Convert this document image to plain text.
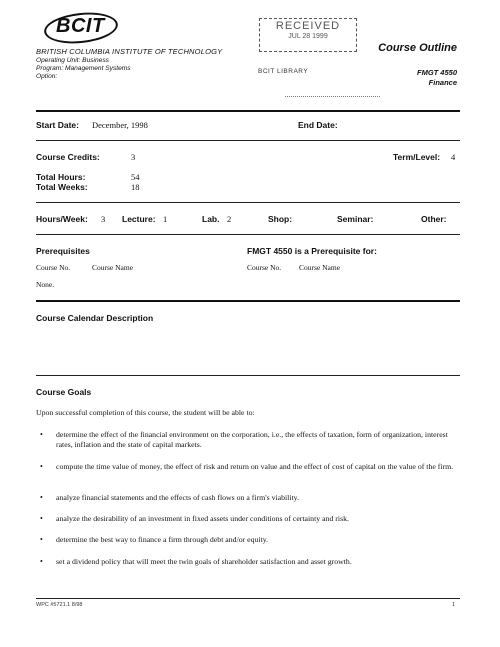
BCIT
BRITISH COLUMBIA INSTITUTE OF TECHNOLOGY
Operating Unit: Business
Program: Management Systems
Option:
RECEIVED
JUL 28 1999
BCIT LIBRARY
Course Outline
FMGT 4550
Finance
Start Date: December, 1998	End Date:
Course Credits:	3	Term/Level: 4
Total Hours:	54
Total Weeks:	18
Hours/Week: 3 Lecture: 1	Lab. 2	Shop:	Seminar:	Other:
Prerequisites
Course No.	Course Name
None.
FMGT 4550 is a Prerequisite for:
Course No. Course Name
Course Calendar Description
Course Goals
Upon successful completion of this course, the student will be able to:
• determine the effect of the financial environment on the corporation, i.e., the effects of taxation, form of organization, interest rates, inflation and the state of capital markets.
• compute the time value of money, the effect of risk and return on value and the effect of cost of capital on the value of the firm.
• analyze financial statements and the effects of cash flows on a firm's viability.
• analyze the desirability of an investment in fixed assets under conditions of certainty and risk.
• determine the best way to finance a firm through debt and/or equity.
• set a dividend policy that will meet the twin goals of shareholder satisfaction and asset growth.
WPC #5721.1 8/98	1
